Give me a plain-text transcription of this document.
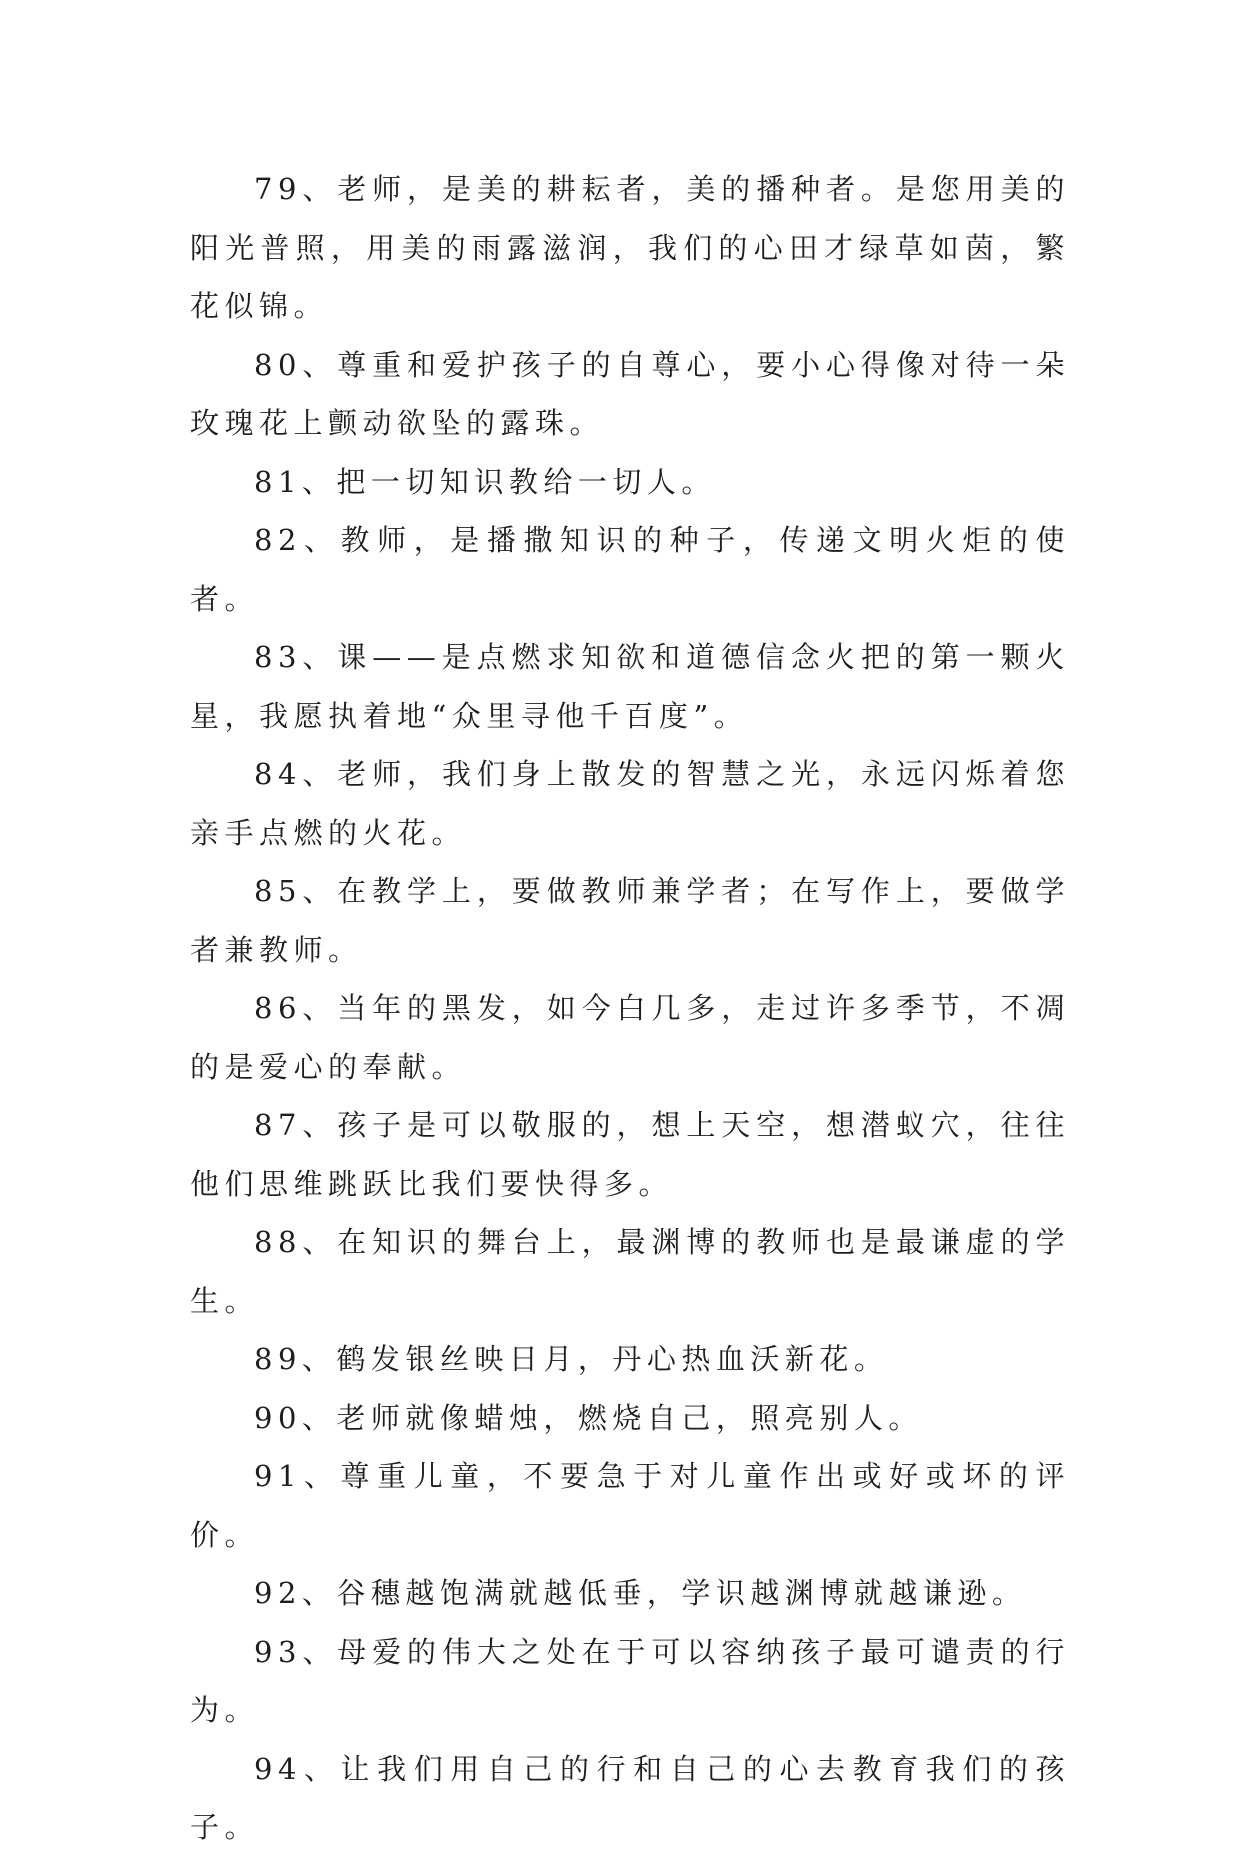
79、老师，是美的耕耘者，美的播种者。是您用美的阳光普照，用美的雨露滋润，我们的心田才绿草如茵，繁花似锦。

80、尊重和爱护孩子的自尊心，要小心得像对待一朵玫瑰花上颤动欲坠的露珠。

81、把一切知识教给一切人。

82、教师，是播撒知识的种子，传递文明火炬的使者。

83、课——是点燃求知欲和道德信念火把的第一颗火星，我愿执着地“众里寻他千百度”。

84、老师，我们身上散发的智慧之光，永远闪烁着您亲手点燃的火花。

85、在教学上，要做教师兼学者；在写作上，要做学者兼教师。

86、当年的黑发，如今白几多，走过许多季节，不凋的是爱心的奉献。

87、孩子是可以敬服的，想上天空，想潜蚁穴，往往他们思维跳跃比我们要快得多。

88、在知识的舞台上，最渊博的教师也是最谦虚的学生。

89、鹤发银丝映日月，丹心热血沃新花。

90、老师就像蜡烛，燃烧自己，照亮别人。

91、尊重儿童，不要急于对儿童作出或好或坏的评价。

92、谷穗越饱满就越低垂，学识越渊博就越谦逊。

93、母爱的伟大之处在于可以容纳孩子最可谴责的行为。

94、让我们用自己的行和自己的心去教育我们的孩子。
